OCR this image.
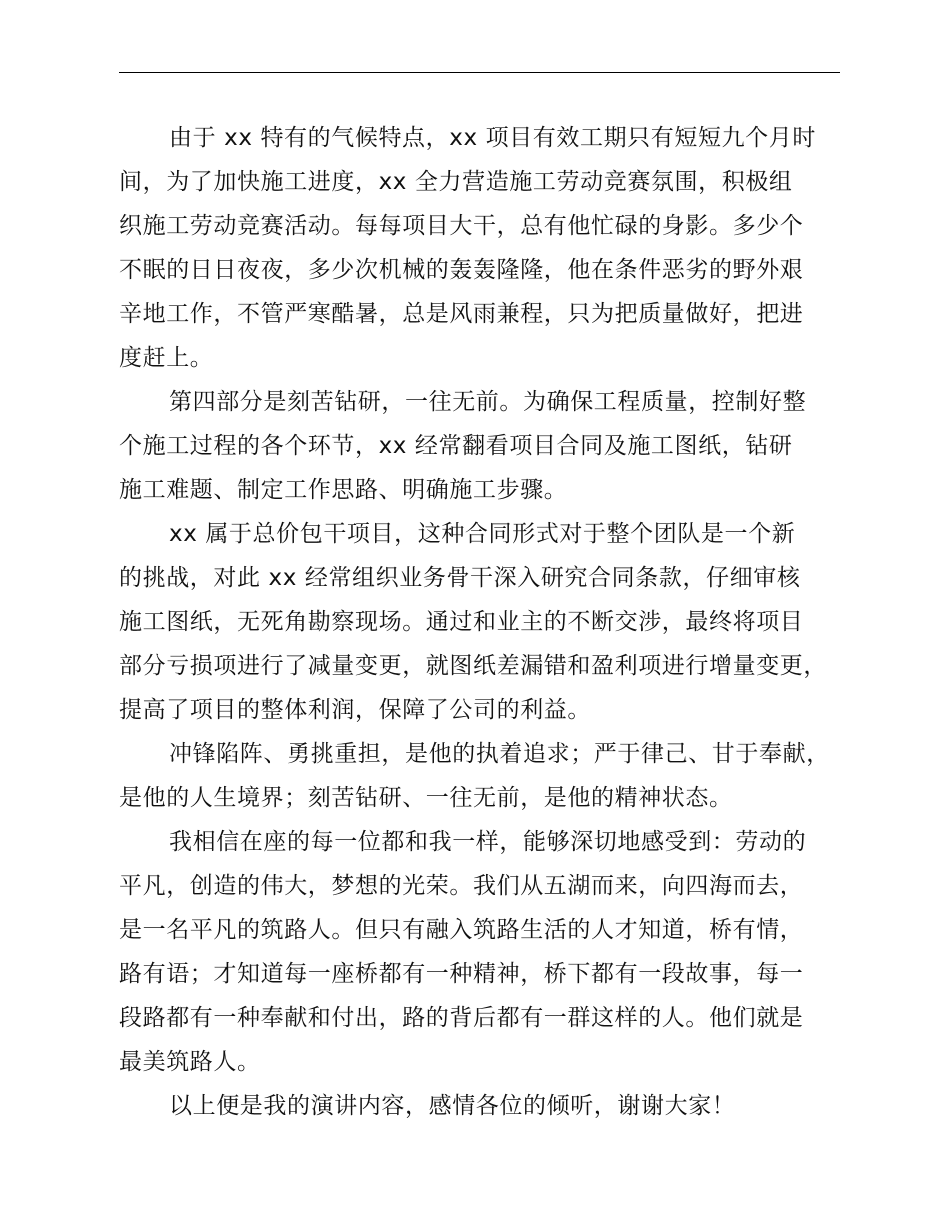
由于 xx 特有的气候特点，xx 项目有效工期只有短短九个月时
间，为了加快施工进度，xx 全力营造施工劳动竞赛氛围，积极组
织施工劳动竞赛活动。每每项目大干，总有他忙碌的身影。多少个
不眠的日日夜夜，多少次机械的轰轰隆隆，他在条件恶劣的野外艰
辛地工作，不管严寒酷暑，总是风雨兼程，只为把质量做好，把进
度赶上。
第四部分是刻苦钻研，一往无前。为确保工程质量，控制好整
个施工过程的各个环节，xx 经常翻看项目合同及施工图纸，钻研
施工难题、制定工作思路、明确施工步骤。
xx 属于总价包干项目，这种合同形式对于整个团队是一个新
的挑战，对此 xx 经常组织业务骨干深入研究合同条款，仔细审核
施工图纸，无死角勘察现场。通过和业主的不断交涉，最终将项目
部分亏损项进行了减量变更，就图纸差漏错和盈利项进行增量变更，
提高了项目的整体利润，保障了公司的利益。
冲锋陷阵、勇挑重担，是他的执着追求；严于律己、甘于奉献，
是他的人生境界；刻苦钻研、一往无前，是他的精神状态。
我相信在座的每一位都和我一样，能够深切地感受到：劳动的
平凡，创造的伟大，梦想的光荣。我们从五湖而来，向四海而去，
是一名平凡的筑路人。但只有融入筑路生活的人才知道，桥有情，
路有语；才知道每一座桥都有一种精神，桥下都有一段故事，每一
段路都有一种奉献和付出，路的背后都有一群这样的人。他们就是
最美筑路人。
以上便是我的演讲内容，感情各位的倾听，谢谢大家！
